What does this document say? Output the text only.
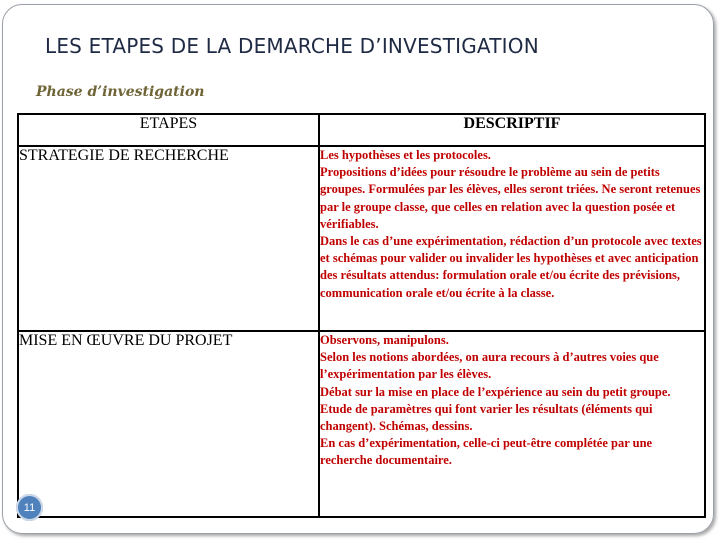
LES ETAPES DE LA DEMARCHE D’INVESTIGATION
Phase d’investigation
ETAPES	DESCRIPTIF
STRATEGIE DE RECHERCHE	Les hypothèses et les protocoles.

Propositions d’idées pour résoudre le problème au sein de petits groupes. Formulées par les élèves, elles seront triées. Ne seront retenues par le groupe classe, que celles en relation avec la question posée et vérifiables.

Dans le cas d’une expérimentation, rédaction d’un protocole avec textes et schémas pour valider ou invalider les hypothèses et avec anticipation des résultats attendus: formulation orale et/ou écrite des prévisions, communication orale et/ou écrite à la classe.

MISE EN ŒUVRE DU PROJET	Observons, manipulons.

Selon les notions abordées, on aura recours à d’autres voies que l’expérimentation par les élèves.

Débat sur la mise en place de l’expérience au sein du petit groupe.

Etude de paramètres qui font varier les résultats (éléments qui changent). Schémas, dessins.

En cas d’expérimentation, celle-ci peut-être complétée par une recherche documentaire.

11
